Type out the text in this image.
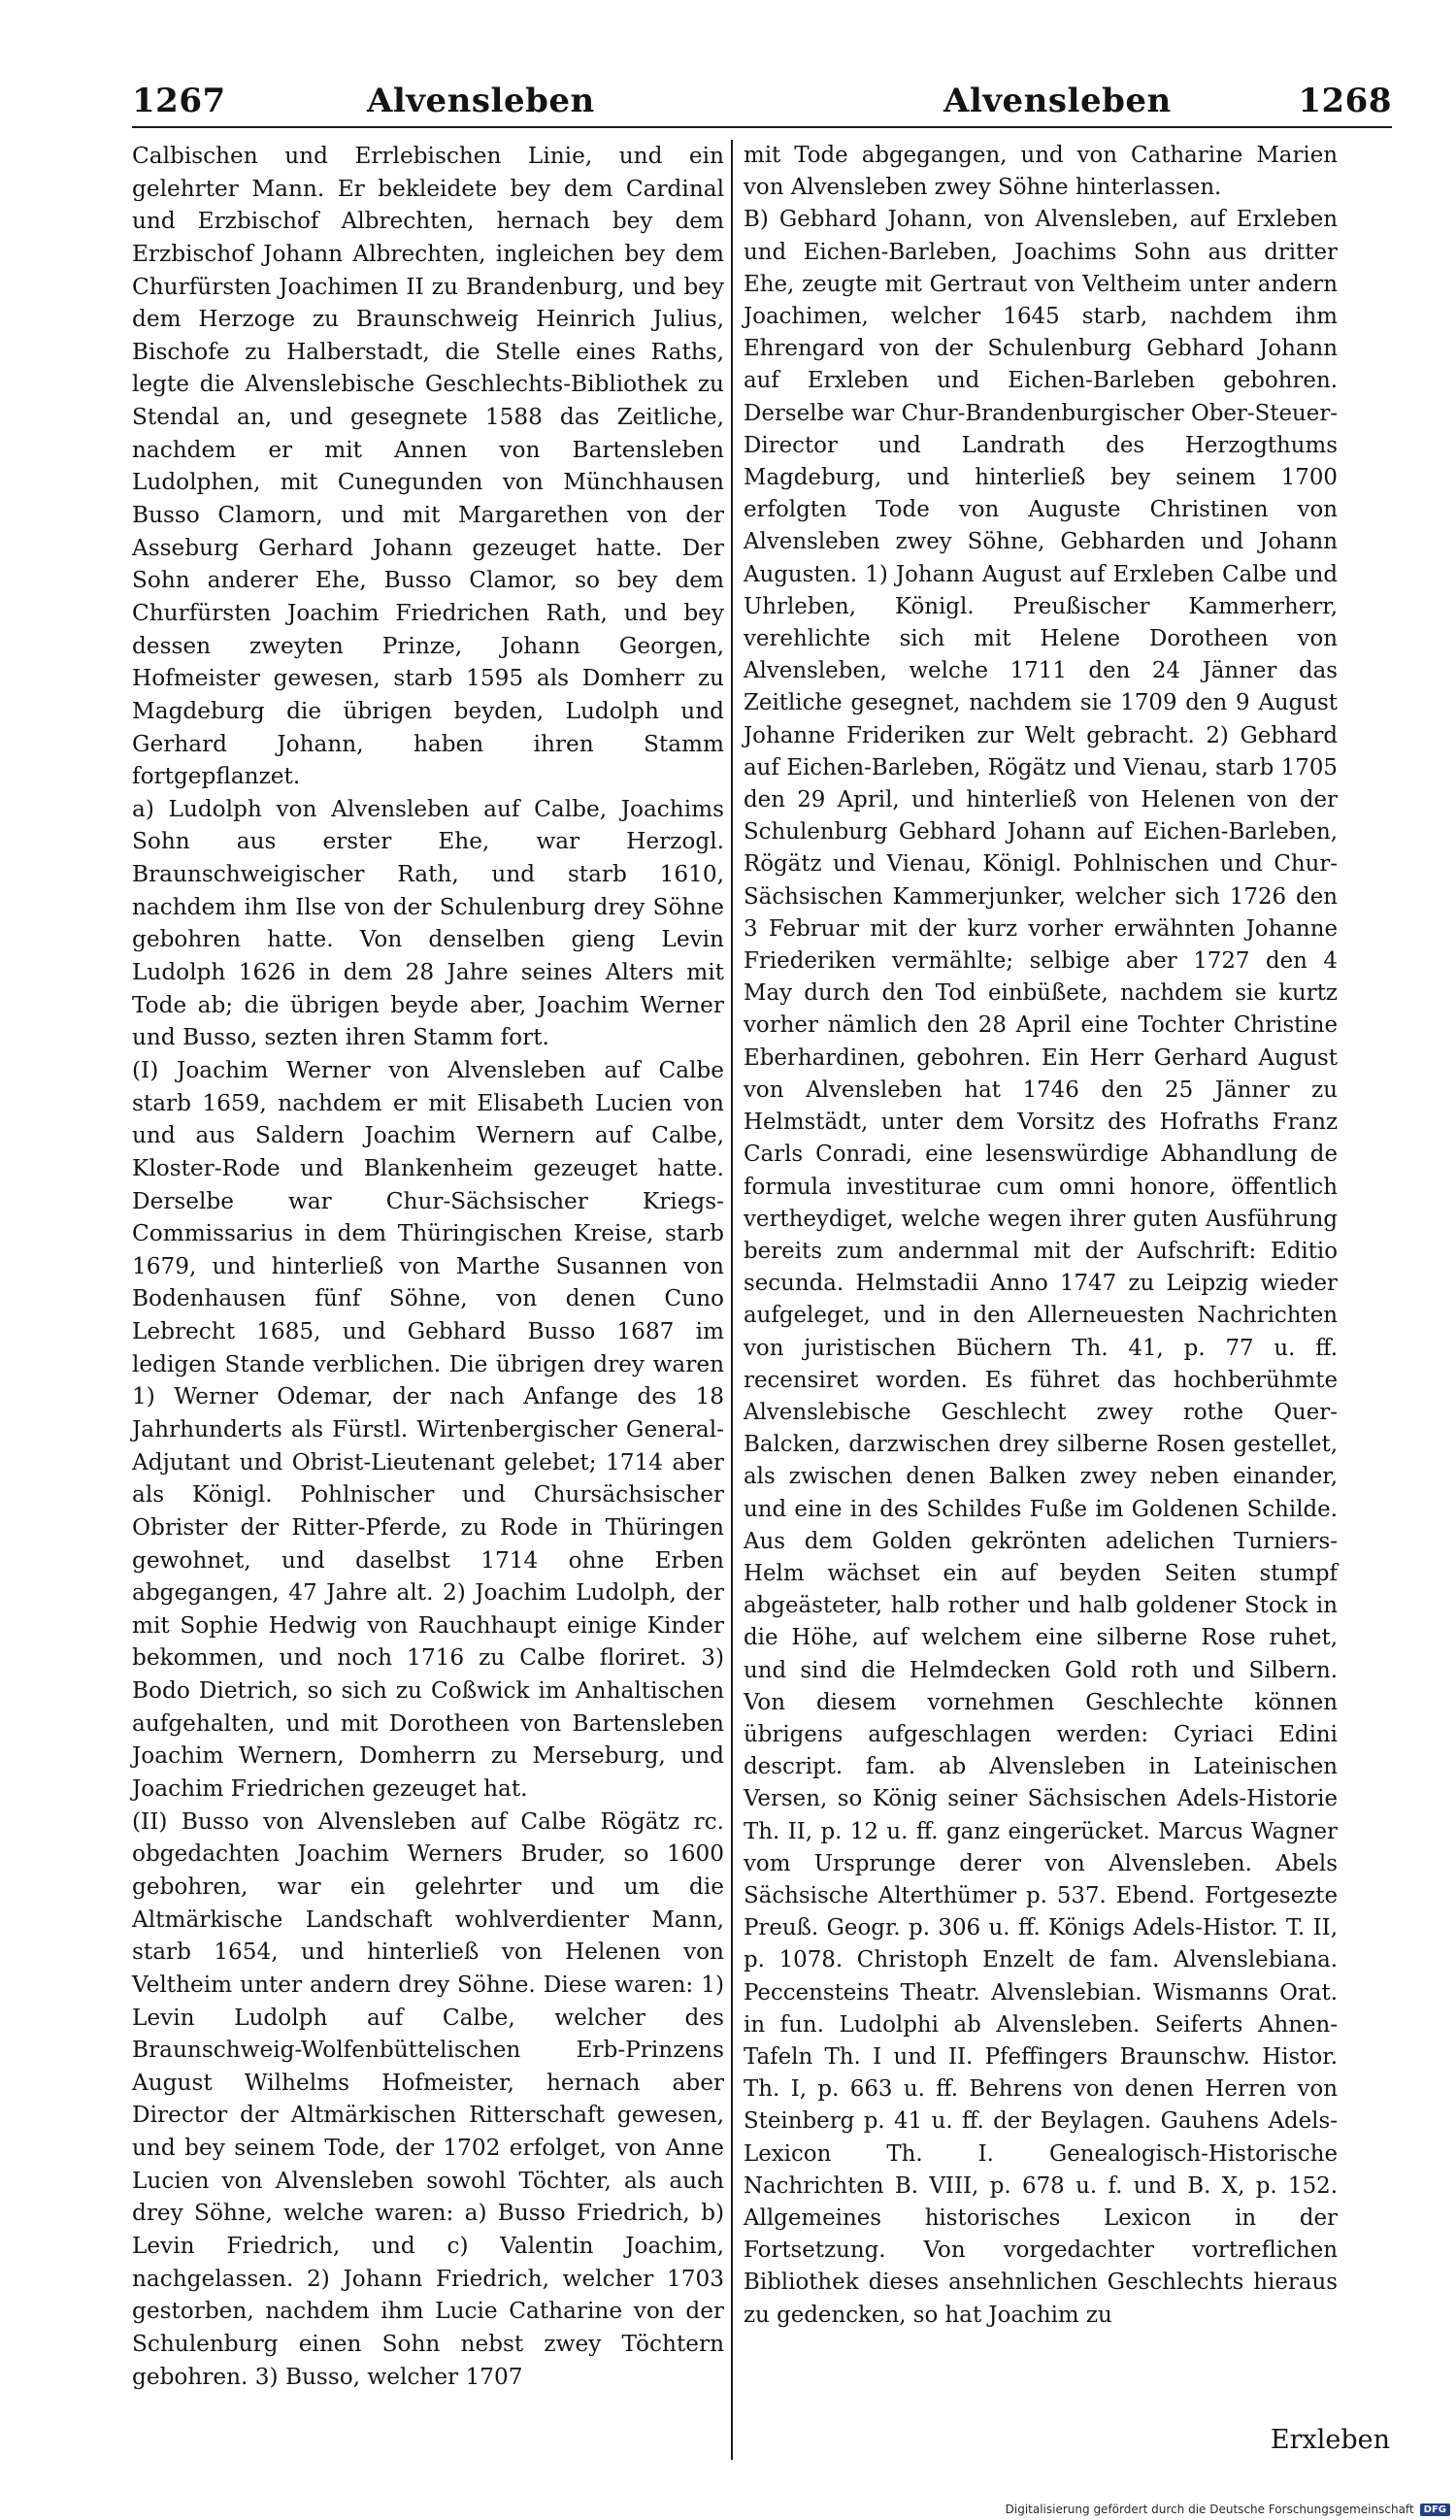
1267	Alvensleben	Alvensleben	1268

Calbischen und Errlebischen Linie, und ein gelehrter Mann. Er bekleidete bey dem Cardinal und Erzbischof Albrechten, hernach bey dem Erzbischof Johann Albrechten, ingleichen bey dem Churfürsten Joachimen II zu Brandenburg, und bey dem Herzoge zu Braunschweig Heinrich Julius, Bischofe zu Halberstadt, die Stelle eines Raths, legte die Alvenslebische Geschlechts-Bibliothek zu Stendal an, und gesegnete 1588 das Zeitliche, nachdem er mit Annen von Bartensleben Ludolphen, mit Cunegunden von Münchhausen Busso Clamorn, und mit Margarethen von der Asseburg Gerhard Johann gezeuget hatte. Der Sohn anderer Ehe, Busso Clamor, so bey dem Churfürsten Joachim Friedrichen Rath, und bey dessen zweyten Prinze, Johann Georgen, Hofmeister gewesen, starb 1595 als Domherr zu Magdeburg die übrigen beyden, Ludolph und Gerhard Johann, haben ihren Stamm fortgepflanzet.

a) Ludolph von Alvensleben auf Calbe, Joachims Sohn aus erster Ehe, war Herzogl. Braunschweigischer Rath, und starb 1610, nachdem ihm Ilse von der Schulenburg drey Söhne gebohren hatte. Von denselben gieng Levin Ludolph 1626 in dem 28 Jahre seines Alters mit Tode ab; die übrigen beyde aber, Joachim Werner und Busso, sezten ihren Stamm fort.

(I) Joachim Werner von Alvensleben auf Calbe starb 1659, nachdem er mit Elisabeth Lucien von und aus Saldern Joachim Wernern auf Calbe, Kloster-Rode und Blankenheim gezeuget hatte. Derselbe war Chur-Sächsischer Kriegs-Commissarius in dem Thüringischen Kreise, starb 1679, und hinterließ von Marthe Susannen von Bodenhausen fünf Söhne, von denen Cuno Lebrecht 1685, und Gebhard Busso 1687 im ledigen Stande verblichen. Die übrigen drey waren 1) Werner Odemar, der nach Anfange des 18 Jahrhunderts als Fürstl. Wirtenbergischer General-Adjutant und Obrist-Lieutenant gelebet; 1714 aber als Königl. Pohlnischer und Chursächsischer Obrister der Ritter-Pferde, zu Rode in Thüringen gewohnet, und daselbst 1714 ohne Erben abgegangen, 47 Jahre alt. 2) Joachim Ludolph, der mit Sophie Hedwig von Rauchhaupt einige Kinder bekommen, und noch 1716 zu Calbe floriret. 3) Bodo Dietrich, so sich zu Coßwick im Anhaltischen aufgehalten, und mit Dorotheen von Bartensleben Joachim Wernern, Domherrn zu Merseburg, und Joachim Friedrichen gezeuget hat.

(II) Busso von Alvensleben auf Calbe Rögätz rc. obgedachten Joachim Werners Bruder, so 1600 gebohren, war ein gelehrter und um die Altmärkische Landschaft wohlverdienter Mann, starb 1654, und hinterließ von Helenen von Veltheim unter andern drey Söhne. Diese waren: 1) Levin Ludolph auf Calbe, welcher des Braunschweig-Wolfenbüttelischen Erb-Prinzens August Wilhelms Hofmeister, hernach aber Director der Altmärkischen Ritterschaft gewesen, und bey seinem Tode, der 1702 erfolget, von Anne Lucien von Alvensleben sowohl Töchter, als auch drey Söhne, welche waren: a) Busso Friedrich, b) Levin Friedrich, und c) Valentin Joachim, nachgelassen. 2) Johann Friedrich, welcher 1703 gestorben, nachdem ihm Lucie Catharine von der Schulenburg einen Sohn nebst zwey Töchtern gebohren. 3) Busso, welcher 1707

mit Tode abgegangen, und von Catharine Marien von Alvensleben zwey Söhne hinterlassen.

B) Gebhard Johann, von Alvensleben, auf Erxleben und Eichen-Barleben, Joachims Sohn aus dritter Ehe, zeugte mit Gertraut von Veltheim unter andern Joachimen, welcher 1645 starb, nachdem ihm Ehrengard von der Schulenburg Gebhard Johann auf Erxleben und Eichen-Barleben gebohren. Derselbe war Chur-Brandenburgischer Ober-Steuer-Director und Landrath des Herzogthums Magdeburg, und hinterließ bey seinem 1700 erfolgten Tode von Auguste Christinen von Alvensleben zwey Söhne, Gebharden und Johann Augusten. 1) Johann August auf Erxleben Calbe und Uhrleben, Königl. Preußischer Kammerherr, verehlichte sich mit Helene Dorotheen von Alvensleben, welche 1711 den 24 Jänner das Zeitliche gesegnet, nachdem sie 1709 den 9 August Johanne Frideriken zur Welt gebracht. 2) Gebhard auf Eichen-Barleben, Rögätz und Vienau, starb 1705 den 29 April, und hinterließ von Helenen von der Schulenburg Gebhard Johann auf Eichen-Barleben, Rögätz und Vienau, Königl. Pohlnischen und Chur-Sächsischen Kammerjunker, welcher sich 1726 den 3 Februar mit der kurz vorher erwähnten Johanne Friederiken vermählte; selbige aber 1727 den 4 May durch den Tod einbüßete, nachdem sie kurtz vorher nämlich den 28 April eine Tochter Christine Eberhardinen, gebohren. Ein Herr Gerhard August von Alvensleben hat 1746 den 25 Jänner zu Helmstädt, unter dem Vorsitz des Hofraths Franz Carls Conradi, eine lesenswürdige Abhandlung de formula investiturae cum omni honore, öffentlich vertheydiget, welche wegen ihrer guten Ausführung bereits zum andernmal mit der Aufschrift: Editio secunda. Helmstadii Anno 1747 zu Leipzig wieder aufgeleget, und in den Allerneuesten Nachrichten von juristischen Büchern Th. 41, p. 77 u. ff. recensiret worden. Es führet das hochberühmte Alvenslebische Geschlecht zwey rothe Quer-Balcken, darzwischen drey silberne Rosen gestellet, als zwischen denen Balken zwey neben einander, und eine in des Schildes Fuße im Goldenen Schilde. Aus dem Golden gekrönten adelichen Turniers-Helm wächset ein auf beyden Seiten stumpf abgeästeter, halb rother und halb goldener Stock in die Höhe, auf welchem eine silberne Rose ruhet, und sind die Helmdecken Gold roth und Silbern. Von diesem vornehmen Geschlechte können übrigens aufgeschlagen werden: Cyriaci Edini descript. fam. ab Alvensleben in Lateinischen Versen, so König seiner Sächsischen Adels-Historie Th. II, p. 12 u. ff. ganz eingerücket. Marcus Wagner vom Ursprunge derer von Alvensleben. Abels Sächsische Alterthümer p. 537. Ebend. Fortgesezte Preuß. Geogr. p. 306 u. ff. Königs Adels-Histor. T. II, p. 1078. Christoph Enzelt de fam. Alvenslebiana. Peccensteins Theatr. Alvenslebian. Wismanns Orat. in fun. Ludolphi ab Alvensleben. Seiferts Ahnen-Tafeln Th. I und II. Pfeffingers Braunschw. Histor. Th. I, p. 663 u. ff. Behrens von denen Herren von Steinberg p. 41 u. ff. der Beylagen. Gauhens Adels-Lexicon Th. I. Genealogisch-Historische Nachrichten B. VIII, p. 678 u. f. und B. X, p. 152. Allgemeines historisches Lexicon in der Fortsetzung. Von vorgedachter vortreflichen Bibliothek dieses ansehnlichen Geschlechts hieraus zu gedencken, so hat Joachim zu

Erxleben
Digitalisierung gefördert durch die Deutsche Forschungsgemeinschaft	DFG
